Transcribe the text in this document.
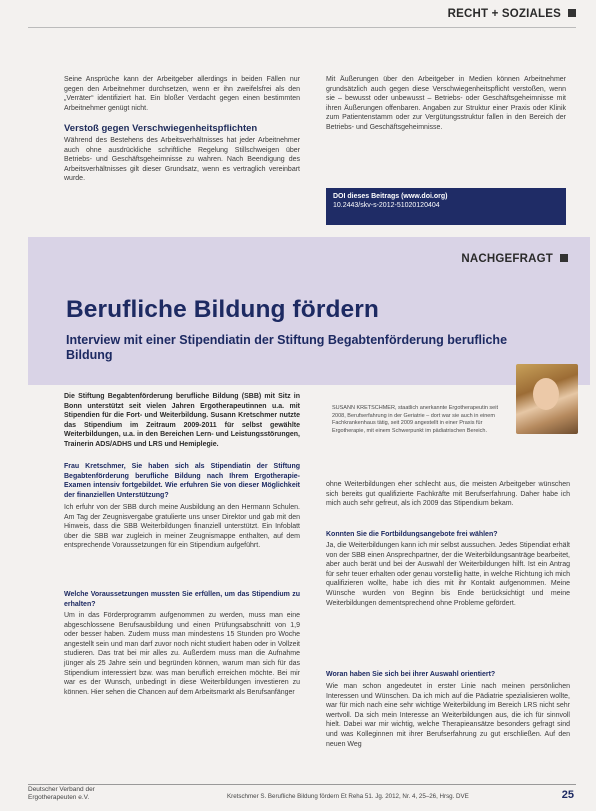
RECHT + SOZIALES
Seine Ansprüche kann der Arbeitgeber allerdings in beiden Fällen nur gegen den Arbeitnehmer durchsetzen, wenn er ihn zweifelsfrei als den „Verräter“ identifiziert hat. Ein bloßer Verdacht gegen einen bestimmten Arbeitnehmer genügt nicht.
Verstoß gegen Verschwiegenheitspflichten
Während des Bestehens des Arbeitsverhältnisses hat jeder Arbeitnehmer auch ohne ausdrückliche schriftliche Regelung Stillschweigen über Betriebs- und Geschäftsgeheimnisse zu wahren. Nach Beendigung des Arbeitsverhältnisses gilt dieser Grundsatz, wenn es vertraglich vereinbart wurde.
Mit Äußerungen über den Arbeitgeber in Medien können Arbeitnehmer grundsätzlich auch gegen diese Verschwiegenheitspflicht verstoßen, wenn sie – bewusst oder unbewusst – Betriebs- oder Geschäftsgeheimnisse mit ihren Äußerungen offenbaren. Angaben zur Struktur einer Praxis oder Klinik zum Patientenstamm oder zur Vergütungsstruktur fallen in den Bereich der Betriebs- und Geschäftsgeheimnisse.
DOI dieses Beitrags (www.doi.org)
10.2443/skv-s-2012-51020120404
NACHGEFRAGT
Berufliche Bildung fördern
Interview mit einer Stipendiatin der Stiftung Begabtenförderung berufliche Bildung
SUSANN KRETSCHMER, staatlich anerkannte Ergotherapeutin seit 2008, Berufserfahrung in der Geriatrie – dort war sie auch in einem Fachkrankenhaus tätig, seit 2009 angestellt in einer Praxis für Ergotherapie, mit einem Schwerpunkt im pädiatrischen Bereich.
Die Stiftung Begabtenförderung berufliche Bildung (SBB) mit Sitz in Bonn unterstützt seit vielen Jahren Ergotherapeutinnen u.a. mit Stipendien für die Fort- und Weiterbildung. Susann Kretschmer nutzte das Stipendium im Zeitraum 2009-2011 für selbst gewählte Weiterbildungen, u.a. in den Bereichen Lern- und Leistungsstörungen, Trainerin ADS/ADHS und LRS und Hemiplegie.
Frau Kretschmer, Sie haben sich als Stipendiatin der Stiftung Begabtenförderung berufliche Bildung nach Ihrem Ergotherapie-Examen intensiv fortgebildet. Wie erfuhren Sie von dieser Möglichkeit der finanziellen Unterstützung?
Ich erfuhr von der SBB durch meine Ausbildung an den Hermann Schulen. Am Tag der Zeugnisvergabe gratulierte uns unser Direktor und gab mit den Hinweis, dass die SBB Weiterbildungen finanziell unterstützt. Ein Infoblatt über die SBB war zugleich in meiner Zeugnismappe enthalten, auf dem entsprechende Voraussetzungen für ein Stipendium aufgeführt.
Welche Voraussetzungen mussten Sie erfüllen, um das Stipendium zu erhalten?
Um in das Förderprogramm aufgenommen zu werden, muss man eine abgeschlossene Berufsausbildung und einen Prüfungsabschnitt von 1,9 oder besser haben. Zudem muss man mindestens 15 Stunden pro Woche angestellt sein und man darf zuvor noch nicht studiert haben oder in Vollzeit studieren. Das trat bei mir alles zu. Außerdem muss man die Aufnahme jünger als 25 Jahre sein und begründen können, warum man sich für das Stipendium interessiert bzw. was man beruflich erreichen möchte. Bei mir war es der Wunsch, unbedingt in diese Weiterbildungen investieren zu können. Hier sehen die Chancen auf dem Arbeitsmarkt als Berufsanfänger
ohne Weiterbildungen eher schlecht aus, die meisten Arbeitgeber wünschen sich bereits gut qualifizierte Fachkräfte mit Berufserfahrung. Daher habe ich mich auch sehr gefreut, als ich 2009 das Stipendium bekam.
Konnten Sie die Fortbildungsangebote frei wählen?
Ja, die Weiterbildungen kann ich mir selbst aussuchen. Jedes Stipendiat erhält von der SBB einen Ansprechpartner, der die Weiterbildungsanträge bearbeitet, aber auch berät und bei der Auswahl der Weiterbildungen hilft. Ist ein Antrag für sehr teuer erhalten oder genau vorstellig hatte, in welche Richtung ich mich qualifizieren wollte, habe ich dies mit ihr Kontakt aufgenommen. Meine Wünsche wurden von Beginn bis Ende berücksichtigt und meine Weiterbildungen dementsprechend ohne Probleme gefördert.
Woran haben Sie sich bei ihrer Auswahl orientiert?
Wie man schon angedeutet in erster Linie nach meinen persönlichen Interessen und Wünschen. Da ich mich auf die Pädiatrie spezialisieren wollte, war für mich nach eine sehr wichtige Weiterbildung im Bereich LRS nicht sehr wertvoll. Da sich mein Interesse an Weiterbildungen aus, die ich für sinnvoll hielt. Dabei war mir wichtig, welche Therapieansätze besonders gefragt sind und was Kolleginnen mit ihrer Berufserfahrung zu gut erschließen. Auf den neuen Weg
Deutscher Verband der Ergotherapeuten e.V.	Kretschmer S. Berufliche Bildung fördern Et Reha 51. Jg. 2012, Nr. 4, 25–26, Hrsg. DVE	25
